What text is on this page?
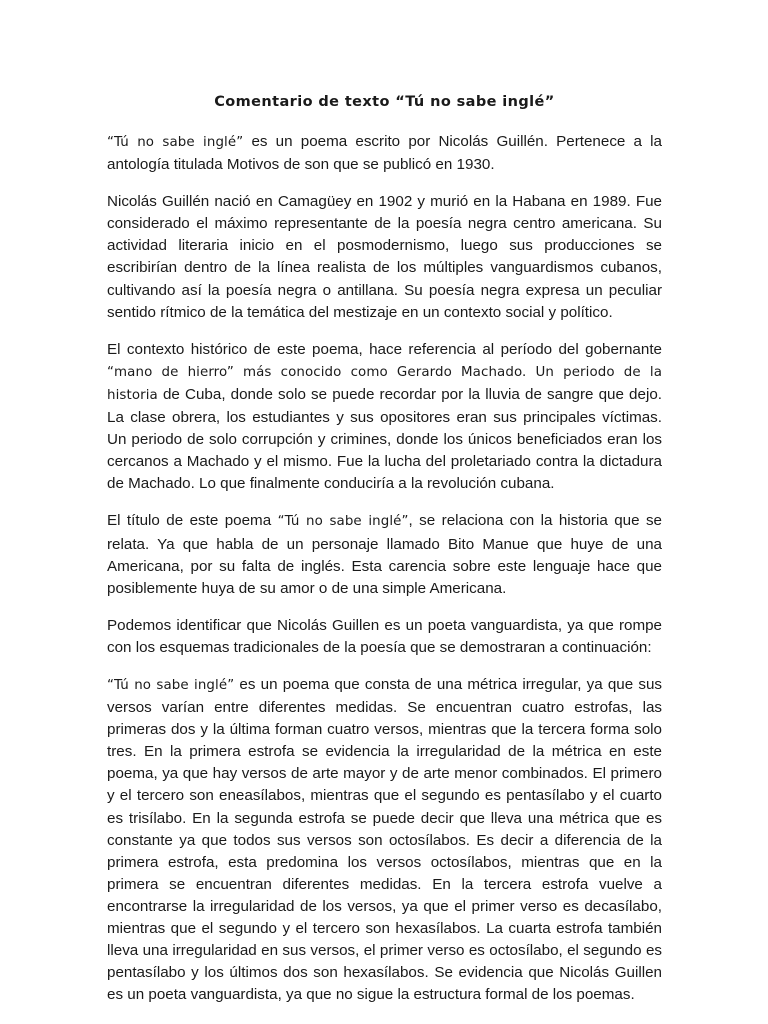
Comentario de texto “Tú no sabe inglé”

“Tú no sabe inglé” es un poema escrito por Nicolás Guillén. Pertenece a la antología titulada Motivos de son que se publicó en 1930.

Nicolás Guillén nació en Camagüey en 1902 y murió en la Habana en 1989. Fue considerado el máximo representante de la poesía negra centro americana. Su actividad literaria inicio en el posmodernismo, luego sus producciones se escribirían dentro de la línea realista de los múltiples vanguardismos cubanos, cultivando así la poesía negra o antillana. Su poesía negra expresa un peculiar sentido rítmico de la temática del mestizaje en un contexto social y político.

El contexto histórico de este poema, hace referencia al período del gobernante “mano de hierro” más conocido como Gerardo Machado. Un periodo de la historia de Cuba, donde solo se puede recordar por la lluvia de sangre que dejo. La clase obrera, los estudiantes y sus opositores eran sus principales víctimas. Un periodo de solo corrupción y crimines, donde los únicos beneficiados eran los cercanos a Machado y el mismo. Fue la lucha del proletariado contra la dictadura de Machado. Lo que finalmente conduciría a la revolución cubana.

El título de este poema “Tú no sabe inglé”, se relaciona con la historia que se relata. Ya que habla de un personaje llamado Bito Manue que huye de una Americana, por su falta de inglés. Esta carencia sobre este lenguaje hace que posiblemente huya de su amor o de una simple Americana.

Podemos identificar que Nicolás Guillen es un poeta vanguardista, ya que rompe con los esquemas tradicionales de la poesía que se demostraran a continuación:

“Tú no sabe inglé” es un poema que consta de una métrica irregular, ya que sus versos varían entre diferentes medidas. Se encuentran cuatro estrofas, las primeras dos y la última forman cuatro versos, mientras que la tercera forma solo tres. En la primera estrofa se evidencia la irregularidad de la métrica en este poema, ya que hay versos de arte mayor y de arte menor combinados. El primero y el tercero son eneasílabos, mientras que el segundo es pentasílabo y el cuarto es trisílabo. En la segunda estrofa se puede decir que lleva una métrica que es constante ya que todos sus versos son octosílabos. Es decir a diferencia de la primera estrofa, esta predomina los versos octosílabos, mientras que en la primera se encuentran diferentes medidas. En la tercera estrofa vuelve a encontrarse la irregularidad de los versos, ya que el primer verso es decasílabo, mientras que el segundo y el tercero son hexasílabos. La cuarta estrofa también lleva una irregularidad en sus versos, el primer verso es octosílabo, el segundo es pentasílabo y los últimos dos son hexasílabos. Se evidencia que Nicolás Guillen es un poeta vanguardista, ya que no sigue la estructura formal de los poemas.
